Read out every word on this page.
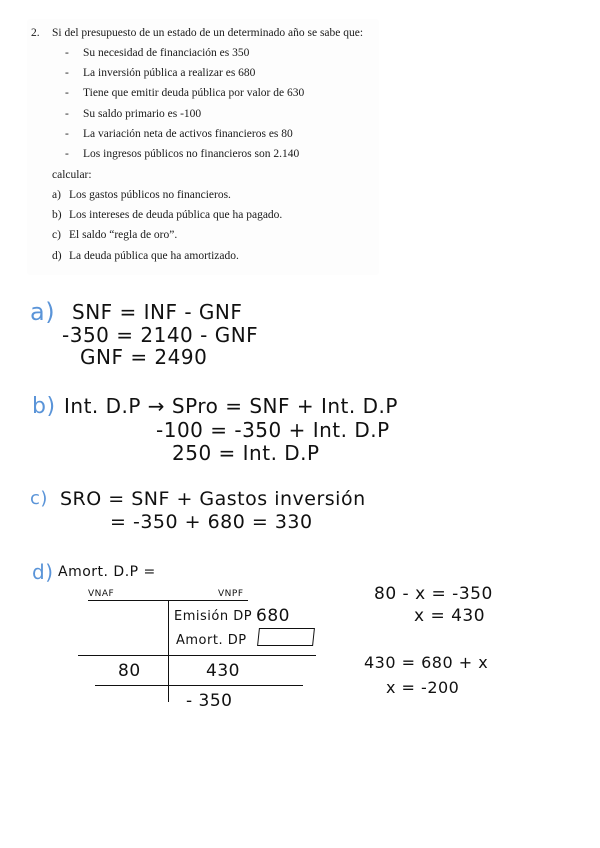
2. Si del presupuesto de un estado de un determinado año se sabe que:
- Su necesidad de financiación es 350
- La inversión pública a realizar es 680
- Tiene que emitir deuda pública por valor de 630
- Su saldo primario es -100
- La variación neta de activos financieros es 80
- Los ingresos públicos no financieros son 2.140
calcular:
a) Los gastos públicos no financieros.
b) Los intereses de deuda pública que ha pagado.
c) El saldo “regla de oro”.
d) La deuda pública que ha amortizado.
a) SNF = INF - GNF
-350 = 2140 - GNF
GNF = 2490
b) Int. D.P → SPro = SNF + Int. D.P
-100 = -350 + Int. D.P
250 = Int. D.P
c) SRO = SNF + Gastos inversión
= -350 + 680 = 330
d) Amort. D.P =
VNAF	VNPF
Emisión DP 680
Amort. DP
80	430
- 350
80 - x = -350
x = 430
430 = 680 + x
x = -200
